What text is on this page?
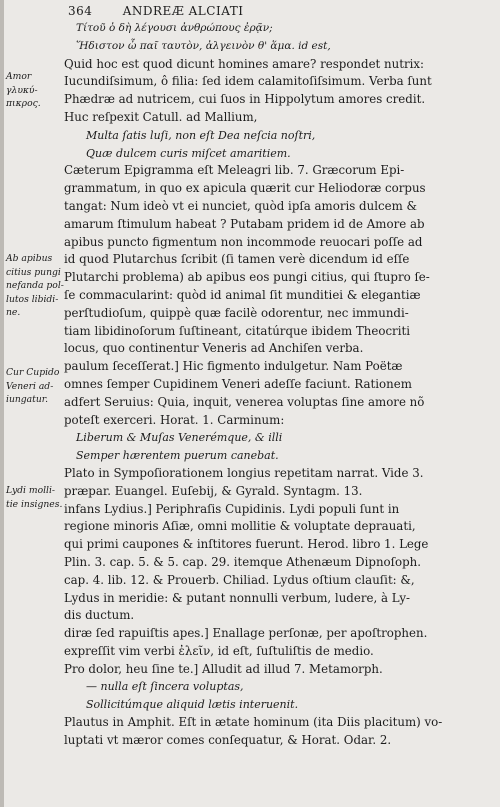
364	ANDREÆ ALCIATI
Amor
γλυκύ-
πικρος.
Ab apibus
citius pungi
nefanda pol-
lutos libidi-
ne.
Cur Cupido
Veneri ad-
iungatur.
Lydi molli-
tie insignes.
Τίτοῦ ὁ δὴ λέγουσι ἀνθρώπους ἐρᾷν;
Ἥδιστον ὦ παῖ ταυτὸν, ἀλγεινὸν θ' ἅμα. id est,
Quid hoc est quod dicunt homines amare? respondet nutrix:
Iucundiſsimum, ô filia: ſed idem calamitoſiſsimum. Verba ſunt
Phædræ ad nutricem, cui ſuos in Hippolytum amores credit.
Huc reſpexit Catull. ad Mallium,
Multa ſatis luſi, non eſt Dea neſcia noſtri,
Quæ dulcem curis miſcet amaritiem.
Cæterum Epigramma eſt Meleagri lib. 7. Græcorum Epi-
grammatum, in quo ex apicula quærit cur Heliodoræ corpus
tangat: Num ideò vt ei nunciet, quòd ipſa amoris dulcem &
amarum ſtimulum habeat ? Putabam pridem id de Amore ab
apibus puncto figmentum non incommode reuocari poſſe ad
id quod Plutarchus ſcribit (ſi tamen verè dicendum id eſſe
Plutarchi problema) ab apibus eos pungi citius, qui ſtupro ſe-
ſe commacularint: quòd id animal ſit munditiei & elegantiæ
perſtudioſum, quippè quæ facilè odorentur, nec immundi-
tiam libidinoſorum ſuſtineant, citatúrque ibidem Theocriti
locus, quo continentur Veneris ad Anchiſen verba.
paulum ſeceſſerat.] Hic figmento indulgetur. Nam Poëtæ
omnes ſemper Cupidinem Veneri adeſſe faciunt. Rationem
adfert Seruius: Quia, inquit, venerea voluptas ſine amore nõ
poteſt exerceri. Horat. 1. Carminum:
Liberum & Muſas Venerémque, & illi
Semper hærentem puerum canebat.
Plato in Sympoſiorationem longius repetitam narrat. Vide 3.
præpar. Euangel. Euſebij, & Gyrald. Syntagm. 13.
infans Lydius.] Periphraſis Cupidinis. Lydi populi ſunt in
regione minoris Aſiæ, omni mollitie & voluptate deprauati,
qui primi caupones & inſtitores fuerunt. Herod. libro 1. Lege
Plin. 3. cap. 5. & 5. cap. 29. itemque Athenæum Dipnoſoph.
cap. 4. lib. 12. & Prouerb. Chiliad. Lydus oſtium clauſit: &,
Lydus in meridie: & putant nonnulli verbum, ludere, à Ly-
dis ductum.
diræ ſed rapuiſtis apes.] Enallage perſonæ, per apoſtrophen.
expreſſit vim verbi ἐλεῖν, id eſt, ſuſtuliſtis de medio.
Pro dolor, heu ſine te.] Alludit ad illud 7. Metamorph.
— nulla eſt ſincera voluptas,
Sollicitúmque aliquid lætis interuenit.
Plautus in Amphit. Eſt in ætate hominum (ita Diis placitum) vo-
luptati vt mæror comes conſequatur, & Horat. Odar. 2.
